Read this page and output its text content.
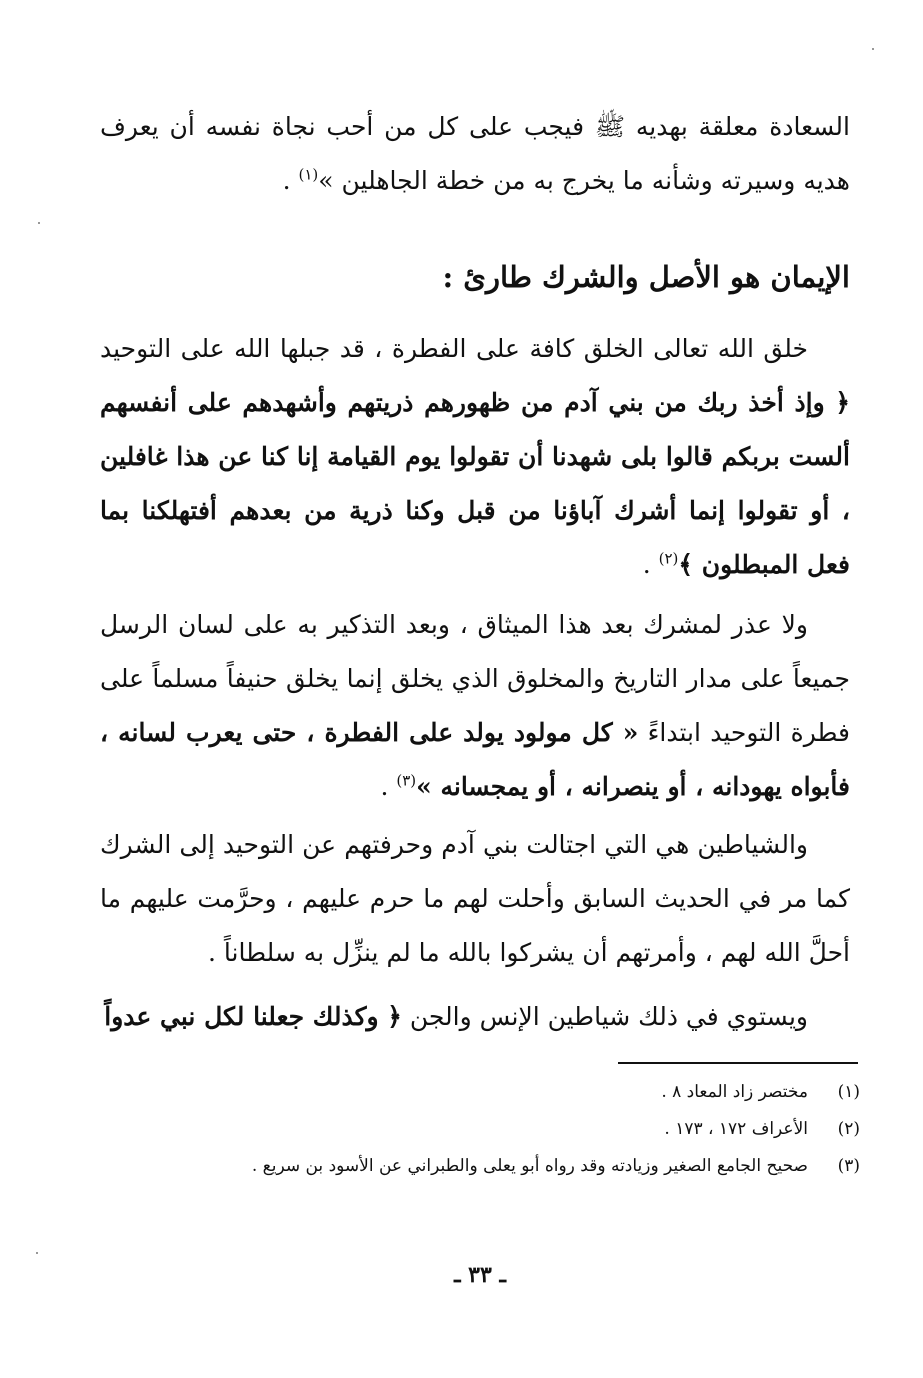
السعادة معلقة بهديه ﷺ فيجب على كل من أحب نجاة نفسه أن يعرف هديه وسيرته وشأنه ما يخرج به من خطة الجاهلين »$^{(١)}$ .
الإيمان هو الأصل والشرك طارئ :
خلق الله تعالى الخلق كافة على الفطرة ، قد جبلها الله على التوحيد ﴿ وإذ أخذ ربك من بني آدم من ظهورهم ذريتهم وأشهدهم على أنفسهم ألست بربكم قالوا بلى شهدنا أن تقولوا يوم القيامة إنا كنا عن هذا غافلين ، أو تقولوا إنما أشرك آباؤنا من قبل وكنا ذرية من بعدهم أفتهلكنا بما فعل المبطلون ﴾$^{(٢)}$ .
ولا عذر لمشرك بعد هذا الميثاق ، وبعد التذكير به على لسان الرسل جميعاً على مدار التاريخ والمخلوق الذي يخلق إنما يخلق حنيفاً مسلماً على فطرة التوحيد ابتداءً « كل مولود يولد على الفطرة ، حتى يعرب لسانه ، فأبواه يهودانه ، أو ينصرانه ، أو يمجسانه »$^{(٣)}$ .
والشياطين هي التي اجتالت بني آدم وحرفتهم عن التوحيد إلى الشرك كما مر في الحديث السابق وأحلت لهم ما حرم عليهم ، وحرَّمت عليهم ما أحلَّ الله لهم ، وأمرتهم أن يشركوا بالله ما لم ينزِّل به سلطاناً .
ويستوي في ذلك شياطين الإنس والجن ﴿ وكذلك جعلنا لكل نبي عدواً
(١)مختصر زاد المعاد ٨ .
(٢)الأعراف ١٧٢ ، ١٧٣ .
(٣)صحيح الجامع الصغير وزيادته وقد رواه أبو يعلى والطبراني عن الأسود بن سريع .
ـ ٣٣ ـ
